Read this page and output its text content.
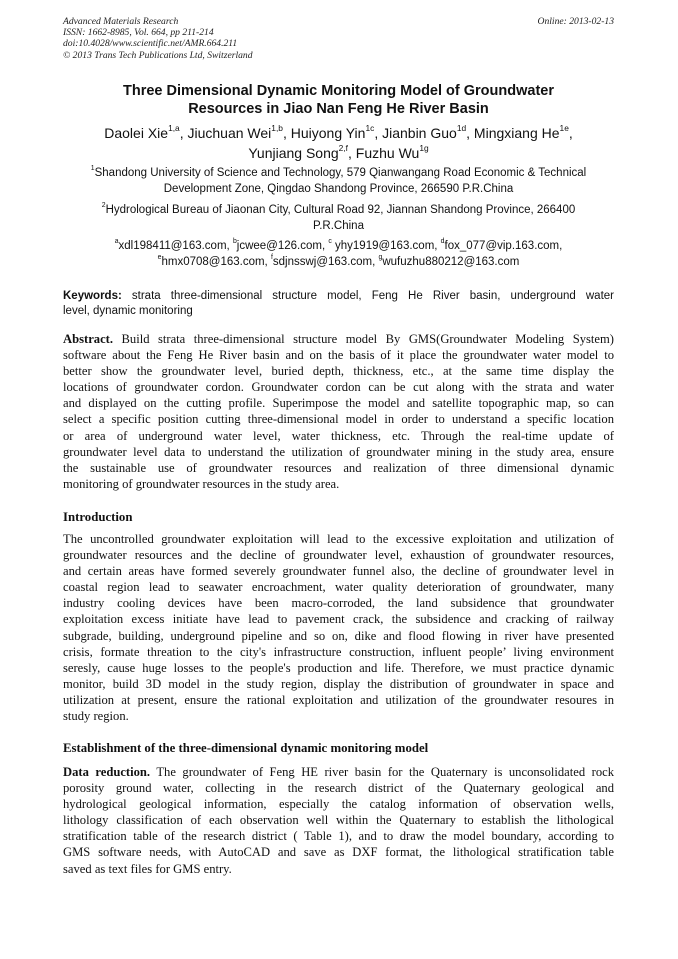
Advanced Materials Research
ISSN: 1662-8985, Vol. 664, pp 211-214
doi:10.4028/www.scientific.net/AMR.664.211
© 2013 Trans Tech Publications Ltd, Switzerland
Online: 2013-02-13
Three Dimensional Dynamic Monitoring Model of Groundwater
Resources in Jiao Nan Feng He River Basin
Daolei Xie$^{1,a}$, Jiuchuan Wei$^{1,b}$, Huiyong Yin$^{1c}$, Jianbin Guo$^{1d}$, Mingxiang $He^{1e}$,
Yunjiang Song$^{2,f}$, Fuzhu $Wu^{1g}$
$^1$Shandong University of Science and Technology, 579 Qianwangang Road Economic & Technical
Development Zone, Qingdao Shandong Province, 266590 P.R.China
$^2$Hydrological Bureau of Jiaonan City, Cultural Road 92, Jiannan Shandong Province, 266400
P.R.China
$^a$xdl198411@163.com, $^b$jcwee@126.com, $^c$ yhy1919@163.com, $^d$fox_077@vip.163.com,
$^e$hmx0708@163.com, $^f$sdjnsswj@163.com, $^g$wufuzhu880212@163.com
Keywords: strata three-dimensional structure model, Feng He River basin, underground water
level, dynamic monitoring
Abstract. Build strata three-dimensional structure model By GMS(Groundwater Modeling System)
software about the Feng He River basin and on the basis of it place the groundwater water model to
better show the groundwater level, buried depth, thickness, etc., at the same time display the
locations of groundwater cordon. Groundwater cordon can be cut along with the strata and water
and displayed on the cutting profile. Superimpose the model and satellite topographic map, so can
select a specific position cutting three-dimensional model in order to understand a specific location
or area of underground water level, water thickness, etc. Through the real-time update of
groundwater level data to understand the utilization of groundwater mining in the study area, ensure
the sustainable use of groundwater resources and realization of three dimensional dynamic
monitoring of groundwater resources in the study area.
Introduction
The uncontrolled groundwater exploitation will lead to the excessive exploitation and utilization of
groundwater resources and the decline of groundwater level, exhaustion of groundwater resources,
and certain areas have formed severely groundwater funnel also, the decline of groundwater level in
coastal region lead to seawater encroachment, water quality deterioration of groundwater, many
industry cooling devices have been macro-corroded, the land subsidence that groundwater
exploitation excess initiate have lead to pavement crack, the subsidence and cracking of railway
subgrade, building, underground pipeline and so on, dike and flood flowing in river have presented
crisis, formate threation to the city's infrastructure construction, influent people’ living environment
seresly, cause huge losses to the people's production and life. Therefore, we must practice dynamic
monitor, build 3D model in the study region, display the distribution of groundwater in space and
utilization at present, ensure the rational exploitation and utilization of the groundwater resoures in
study region.
Establishment of the three-dimensional dynamic monitoring model
Data reduction. The groundwater of Feng HE river basin for the Quaternary is unconsolidated rock
porosity ground water, collecting in the research district of the Quaternary geological and
hydrological geological information, especially the catalog information of observation wells,
lithology classification of each observation well within the Quaternary to establish the lithological
stratification table of the research district ( Table 1), and to draw the model boundary, according to
GMS software needs, with AutoCAD and save as DXF format, the lithological stratification table
saved as text files for GMS entry.
